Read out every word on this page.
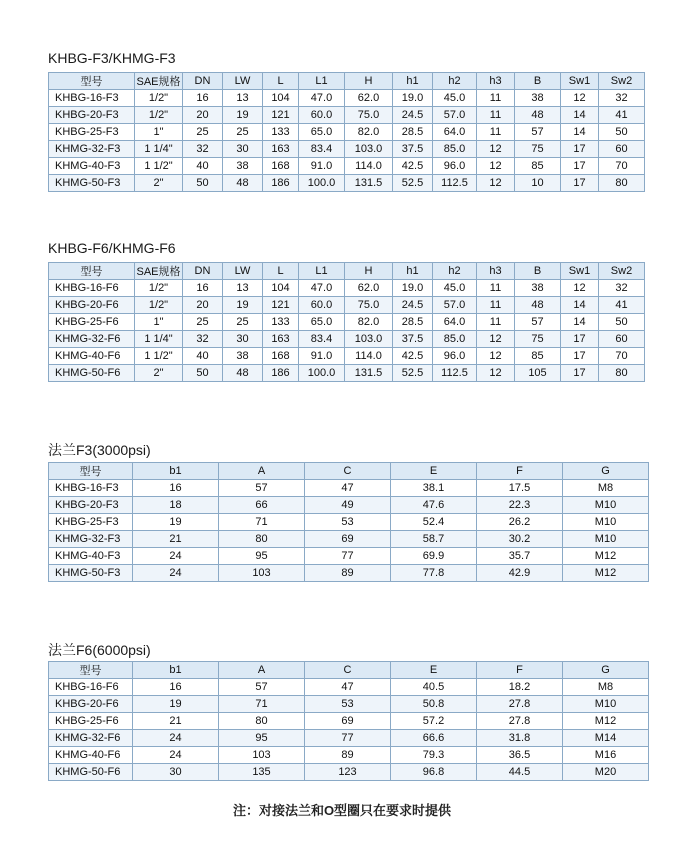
KHBG-F3/KHMG-F3
型号	SAE规格	DN	LW	L	L1	H	h1	h2	h3	B	Sw1	Sw2
KHBG-16-F3	1/2"	16	13	104	47.0	62.0	19.0	45.0	11	38	12	32
KHBG-20-F3	1/2"	20	19	121	60.0	75.0	24.5	57.0	11	48	14	41
KHBG-25-F3	1"	25	25	133	65.0	82.0	28.5	64.0	11	57	14	50
KHMG-32-F3	1 1/4"	32	30	163	83.4	103.0	37.5	85.0	12	75	17	60
KHMG-40-F3	1 1/2"	40	38	168	91.0	114.0	42.5	96.0	12	85	17	70
KHMG-50-F3	2"	50	48	186	100.0	131.5	52.5	112.5	12	10	17	80
KHBG-F6/KHMG-F6
型号	SAE规格	DN	LW	L	L1	H	h1	h2	h3	B	Sw1	Sw2
KHBG-16-F6	1/2"	16	13	104	47.0	62.0	19.0	45.0	11	38	12	32
KHBG-20-F6	1/2"	20	19	121	60.0	75.0	24.5	57.0	11	48	14	41
KHBG-25-F6	1"	25	25	133	65.0	82.0	28.5	64.0	11	57	14	50
KHMG-32-F6	1 1/4"	32	30	163	83.4	103.0	37.5	85.0	12	75	17	60
KHMG-40-F6	1 1/2"	40	38	168	91.0	114.0	42.5	96.0	12	85	17	70
KHMG-50-F6	2"	50	48	186	100.0	131.5	52.5	112.5	12	105	17	80
法兰F3(3000psi)
型号	b1	A	C	E	F	G
KHBG-16-F3	16	57	47	38.1	17.5	M8
KHBG-20-F3	18	66	49	47.6	22.3	M10
KHBG-25-F3	19	71	53	52.4	26.2	M10
KHMG-32-F3	21	80	69	58.7	30.2	M10
KHMG-40-F3	24	95	77	69.9	35.7	M12
KHMG-50-F3	24	103	89	77.8	42.9	M12
法兰F6(6000psi)
型号	b1	A	C	E	F	G
KHBG-16-F6	16	57	47	40.5	18.2	M8
KHBG-20-F6	19	71	53	50.8	27.8	M10
KHBG-25-F6	21	80	69	57.2	27.8	M12
KHMG-32-F6	24	95	77	66.6	31.8	M14
KHMG-40-F6	24	103	89	79.3	36.5	M16
KHMG-50-F6	30	135	123	96.8	44.5	M20
注：对接法兰和O型圈只在要求时提供
